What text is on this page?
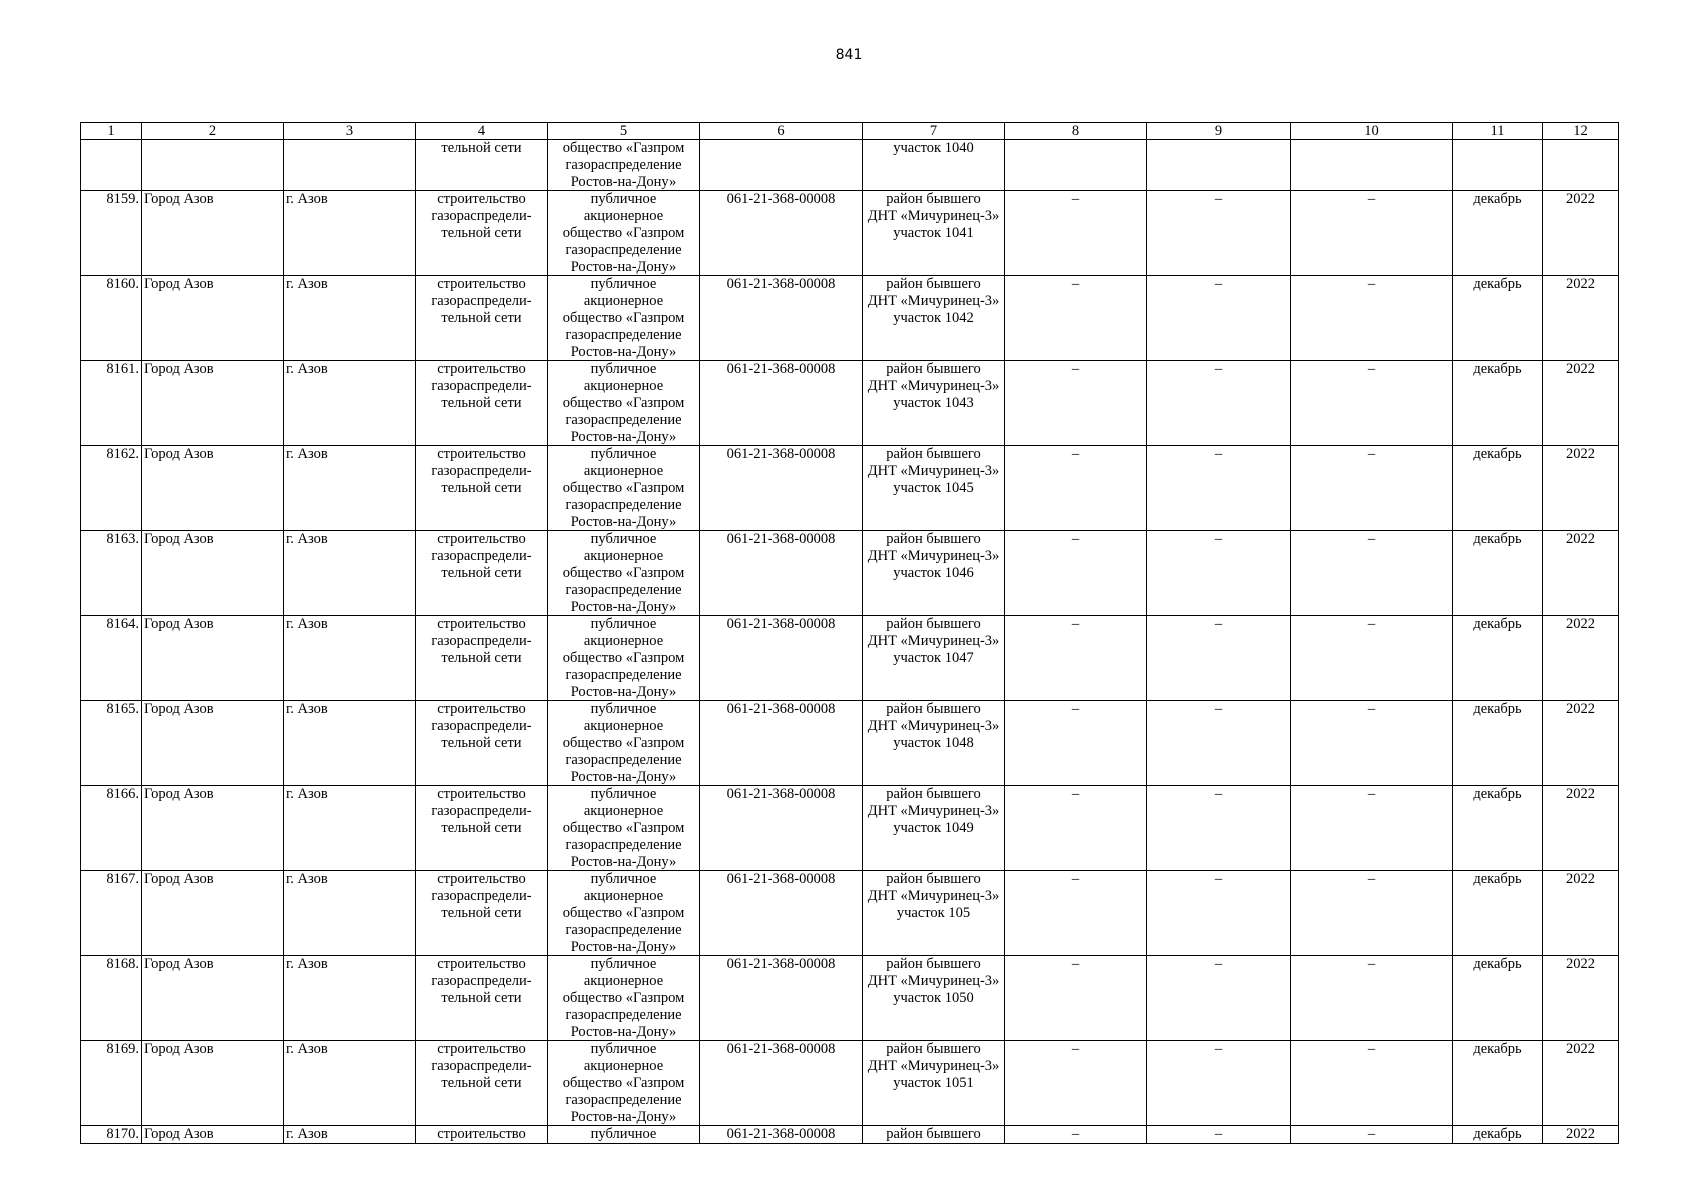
841
1	2	3	4	5	6	7	8	9	10	11	12

			тельной сети	общество «Газпром
газораспределение
Ростов-на-Дону»		участок 1040					

8159.	Город Азов	г. Азов	строительство
газораспредели-
тельной сети	публичное
акционерное
общество «Газпром
газораспределение
Ростов-на-Дону»	061-21-368-00008	район бывшего
ДНТ «Мичуринец-3»
участок 1041	–	–	–	декабрь	2022
8160.	Город Азов	г. Азов	строительство
газораспредели-
тельной сети	публичное
акционерное
общество «Газпром
газораспределение
Ростов-на-Дону»	061-21-368-00008	район бывшего
ДНТ «Мичуринец-3»
участок 1042	–	–	–	декабрь	2022
8161.	Город Азов	г. Азов	строительство
газораспредели-
тельной сети	публичное
акционерное
общество «Газпром
газораспределение
Ростов-на-Дону»	061-21-368-00008	район бывшего
ДНТ «Мичуринец-3»
участок 1043	–	–	–	декабрь	2022
8162.	Город Азов	г. Азов	строительство
газораспредели-
тельной сети	публичное
акционерное
общество «Газпром
газораспределение
Ростов-на-Дону»	061-21-368-00008	район бывшего
ДНТ «Мичуринец-3»
участок 1045	–	–	–	декабрь	2022
8163.	Город Азов	г. Азов	строительство
газораспредели-
тельной сети	публичное
акционерное
общество «Газпром
газораспределение
Ростов-на-Дону»	061-21-368-00008	район бывшего
ДНТ «Мичуринец-3»
участок 1046	–	–	–	декабрь	2022
8164.	Город Азов	г. Азов	строительство
газораспредели-
тельной сети	публичное
акционерное
общество «Газпром
газораспределение
Ростов-на-Дону»	061-21-368-00008	район бывшего
ДНТ «Мичуринец-3»
участок 1047	–	–	–	декабрь	2022
8165.	Город Азов	г. Азов	строительство
газораспредели-
тельной сети	публичное
акционерное
общество «Газпром
газораспределение
Ростов-на-Дону»	061-21-368-00008	район бывшего
ДНТ «Мичуринец-3»
участок 1048	–	–	–	декабрь	2022
8166.	Город Азов	г. Азов	строительство
газораспредели-
тельной сети	публичное
акционерное
общество «Газпром
газораспределение
Ростов-на-Дону»	061-21-368-00008	район бывшего
ДНТ «Мичуринец-3»
участок 1049	–	–	–	декабрь	2022
8167.	Город Азов	г. Азов	строительство
газораспредели-
тельной сети	публичное
акционерное
общество «Газпром
газораспределение
Ростов-на-Дону»	061-21-368-00008	район бывшего
ДНТ «Мичуринец-3»
участок 105	–	–	–	декабрь	2022
8168.	Город Азов	г. Азов	строительство
газораспредели-
тельной сети	публичное
акционерное
общество «Газпром
газораспределение
Ростов-на-Дону»	061-21-368-00008	район бывшего
ДНТ «Мичуринец-3»
участок 1050	–	–	–	декабрь	2022
8169.	Город Азов	г. Азов	строительство
газораспредели-
тельной сети	публичное
акционерное
общество «Газпром
газораспределение
Ростов-на-Дону»	061-21-368-00008	район бывшего
ДНТ «Мичуринец-3»
участок 1051	–	–	–	декабрь	2022
8170.	Город Азов	г. Азов	строительство	публичное	061-21-368-00008	район бывшего	–	–	–	декабрь	2022
